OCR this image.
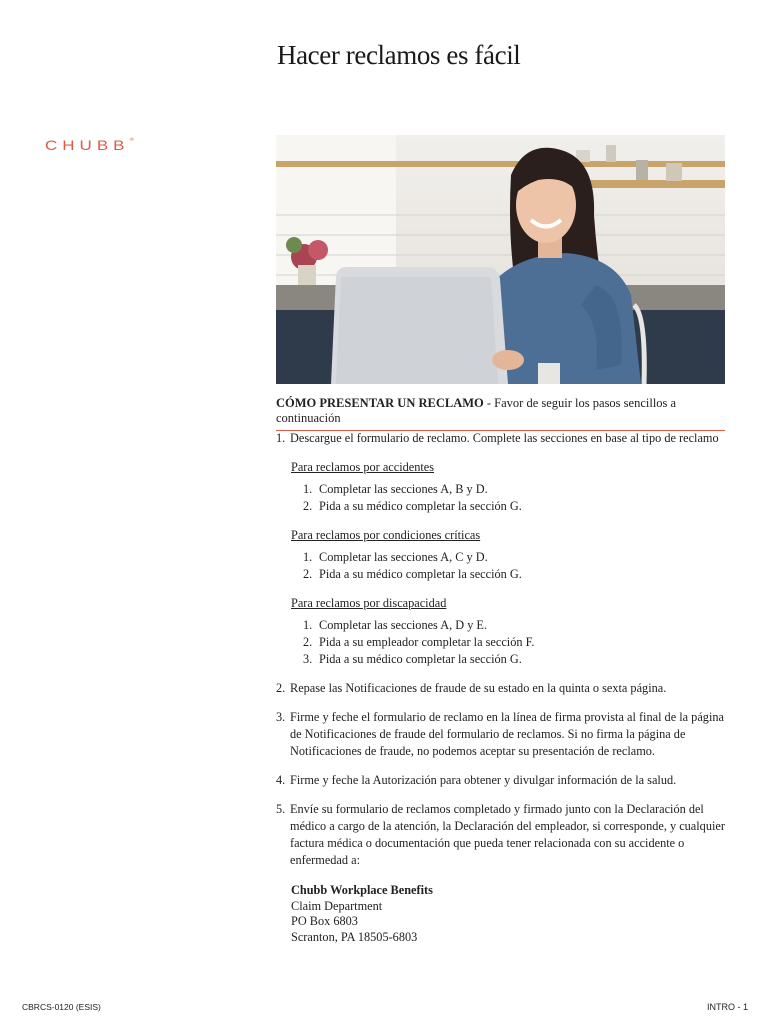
Hacer reclamos es fácil
CHUBB®
CÓMO PRESENTAR UN RECLAMO - Favor de seguir los pasos sencillos a continuación
1. Descargue el formulario de reclamo. Complete las secciones en base al tipo de reclamo
Para reclamos por accidentes
1. Completar las secciones A, B y D.
2. Pida a su médico completar la sección G.
Para reclamos por condiciones críticas
1. Completar las secciones A, C y D.
2. Pida a su médico completar la sección G.
Para reclamos por discapacidad
1. Completar las secciones A, D y E.
2. Pida a su empleador completar la sección F.
3. Pida a su médico completar la sección G.
2. Repase las Notificaciones de fraude de su estado en la quinta o sexta página.
3. Firme y feche el formulario de reclamo en la línea de firma provista al final de la página de Notificaciones de fraude del formulario de reclamos. Si no firma la página de Notificaciones de fraude, no podemos aceptar su presentación de reclamo.
4. Firme y feche la Autorización para obtener y divulgar información de la salud.
5. Envíe su formulario de reclamos completado y firmado junto con la Declaración del médico a cargo de la atención, la Declaración del empleador, si corresponde, y cualquier factura médica o documentación que pueda tener relacionada con su accidente o enfermedad a:
Chubb Workplace Benefits
Claim Department
PO Box 6803
Scranton, PA 18505-6803
CBRCS-0120 (ESIS)	INTRO - 1
